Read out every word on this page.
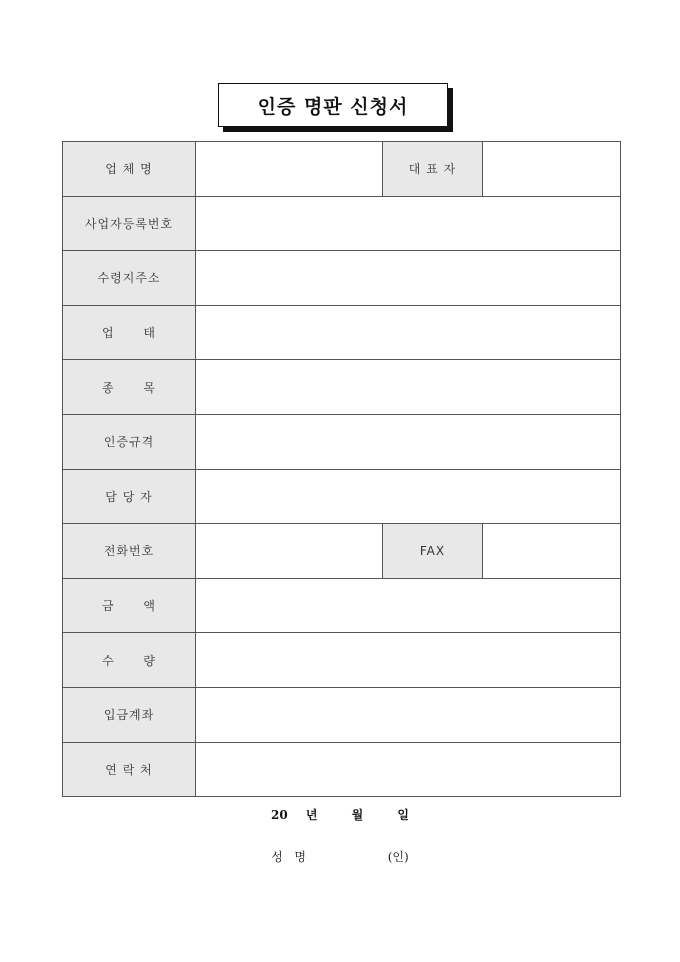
인증 명판 신청서
업 체 명		대 표 자	
사업자등록번호			
수령지주소			
업      태			
종      목			
인증규격			
담 당 자			
전화번호		FAX	
금      액			
수      량			
입금계좌			
연 락 처			
20 년	월	일
성   명	(인)
